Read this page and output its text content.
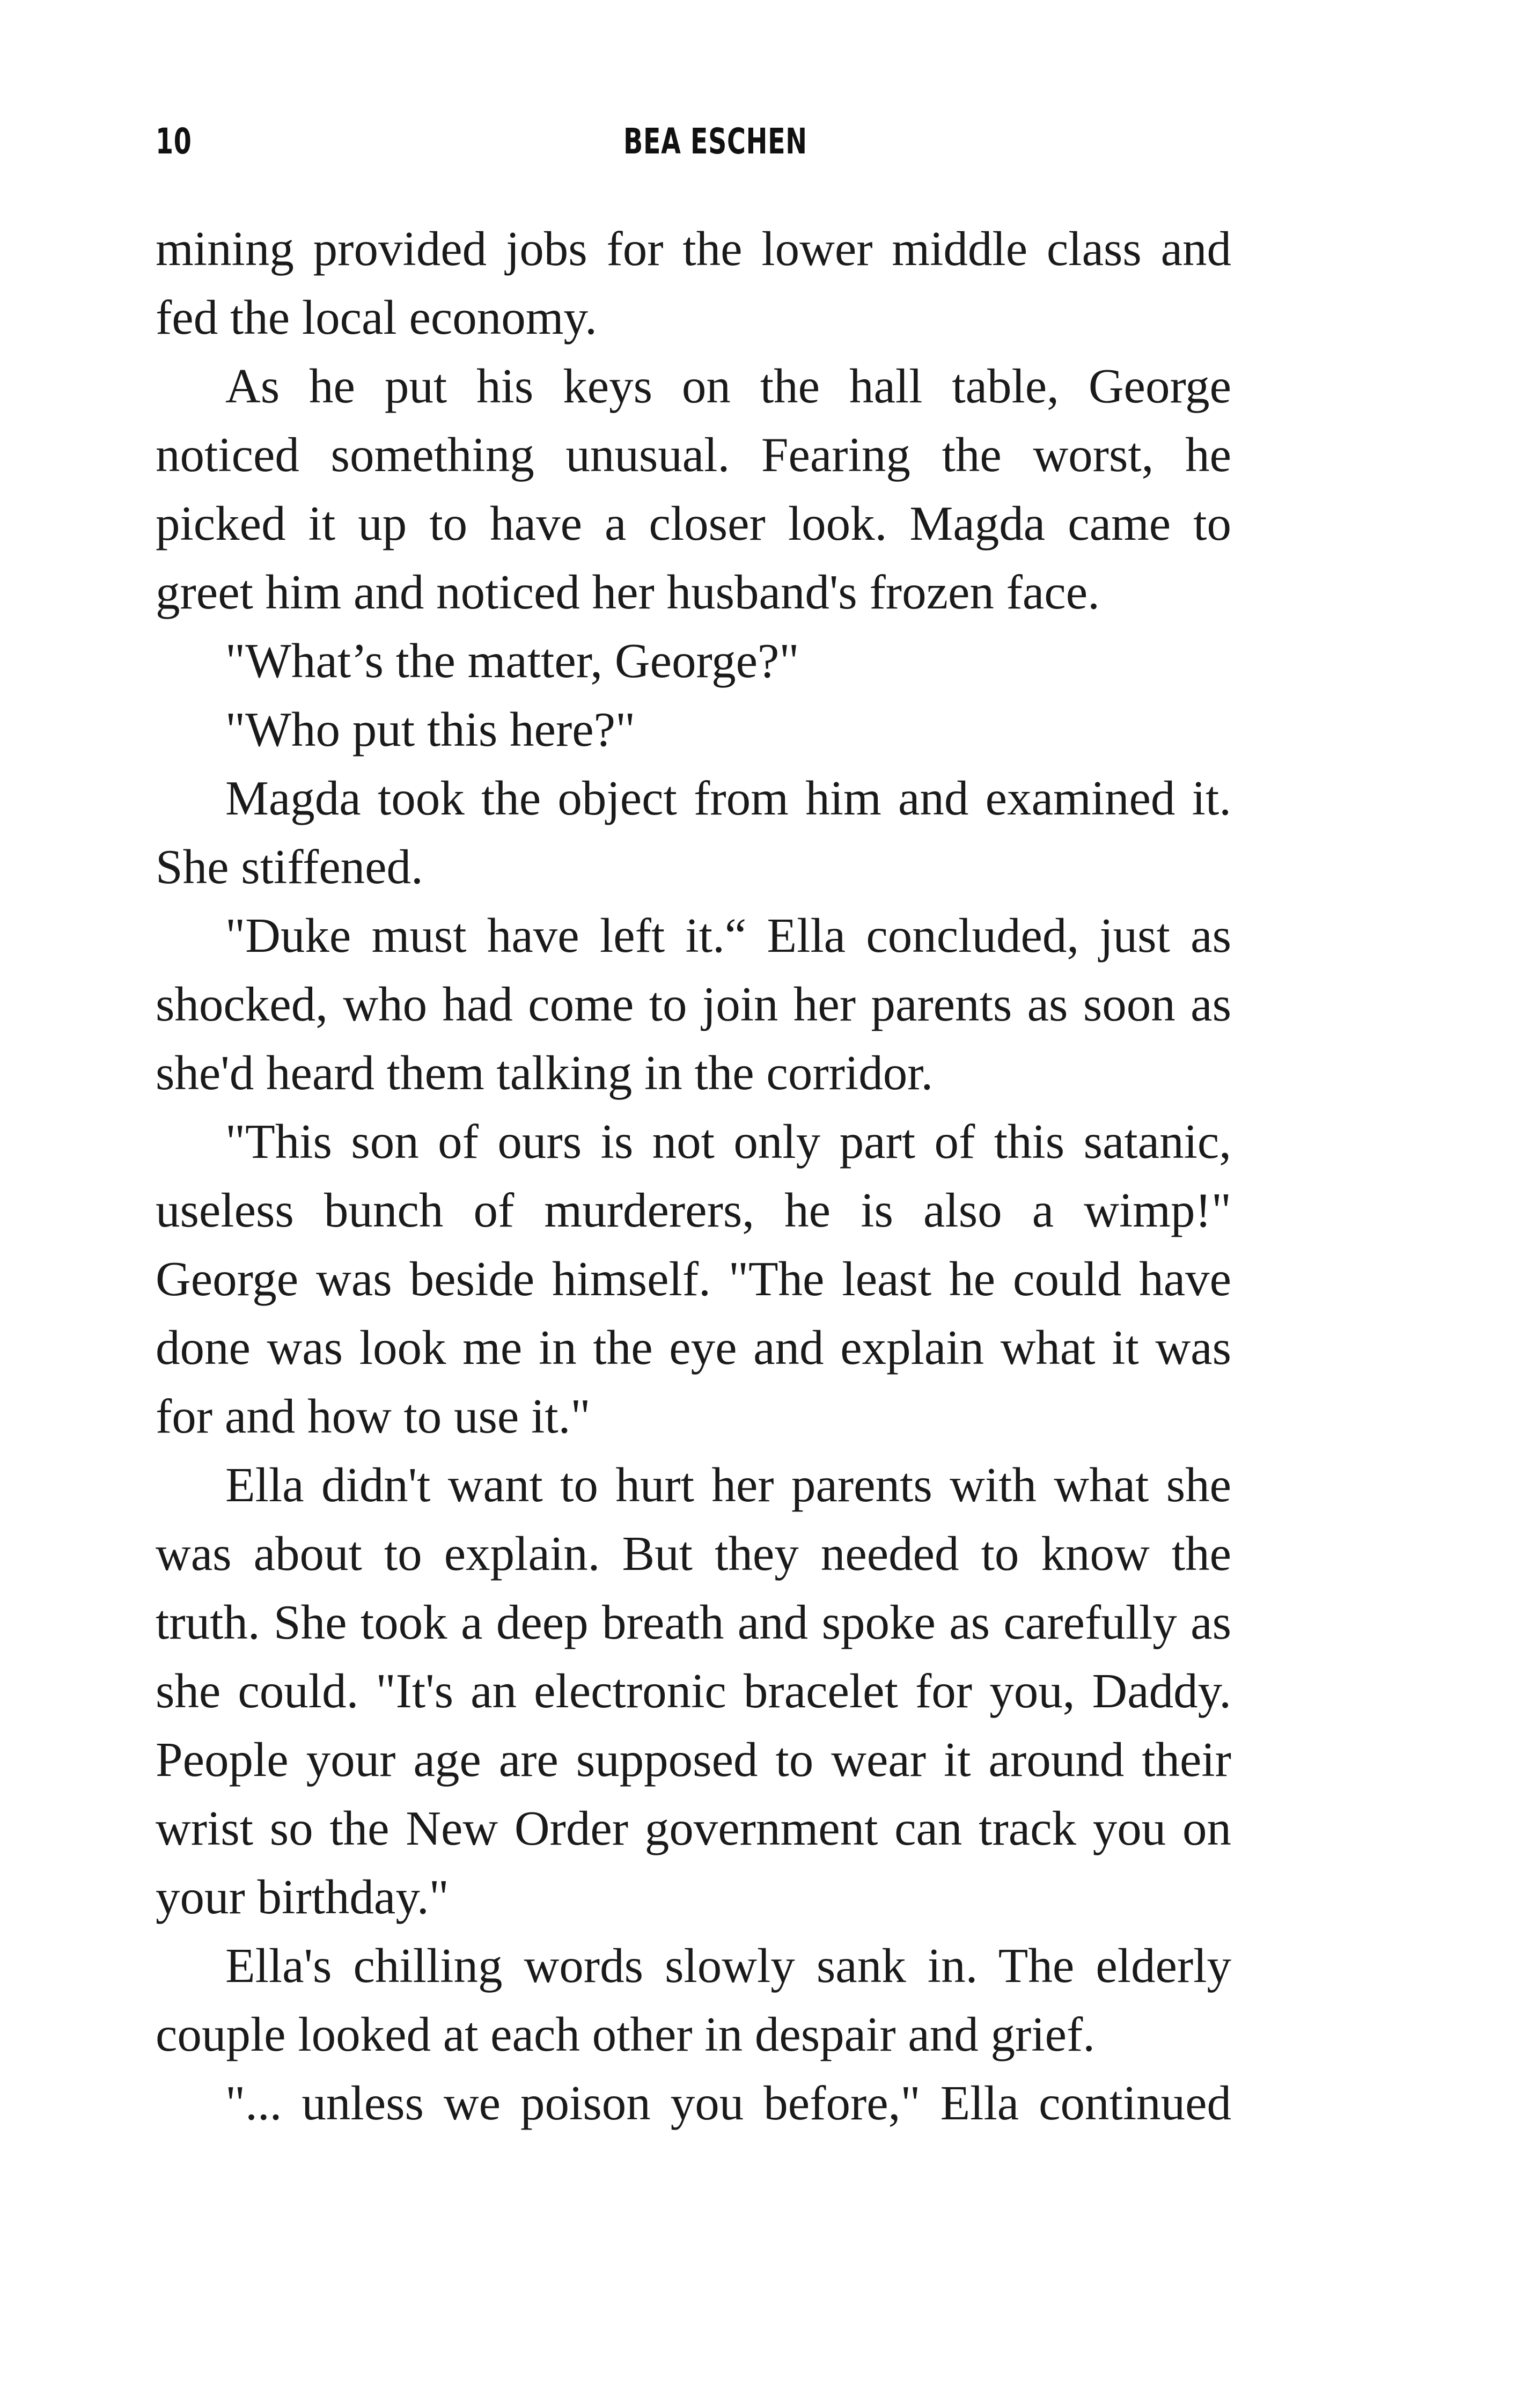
10	BEA ESCHEN

mining provided jobs for the lower middle class and fed the local economy.

As he put his keys on the hall table, George noticed something unusual. Fearing the worst, he picked it up to have a closer look. Magda came to greet him and noticed her husband's frozen face.

"What’s the matter, George?"

"Who put this here?"

Magda took the object from him and examined it. She stiffened.

"Duke must have left it.“ Ella concluded, just as shocked, who had come to join her parents as soon as she'd heard them talking in the corridor.

"This son of ours is not only part of this satanic, useless bunch of murderers, he is also a wimp!" George was beside himself. "The least he could have done was look me in the eye and explain what it was for and how to use it."

Ella didn't want to hurt her parents with what she was about to explain. But they needed to know the truth. She took a deep breath and spoke as carefully as she could. "It's an electronic bracelet for you, Daddy. People your age are supposed to wear it around their wrist so the New Order government can track you on your birthday."

Ella's chilling words slowly sank in. The elderly couple looked at each other in despair and grief.

"... unless we poison you before," Ella continued
